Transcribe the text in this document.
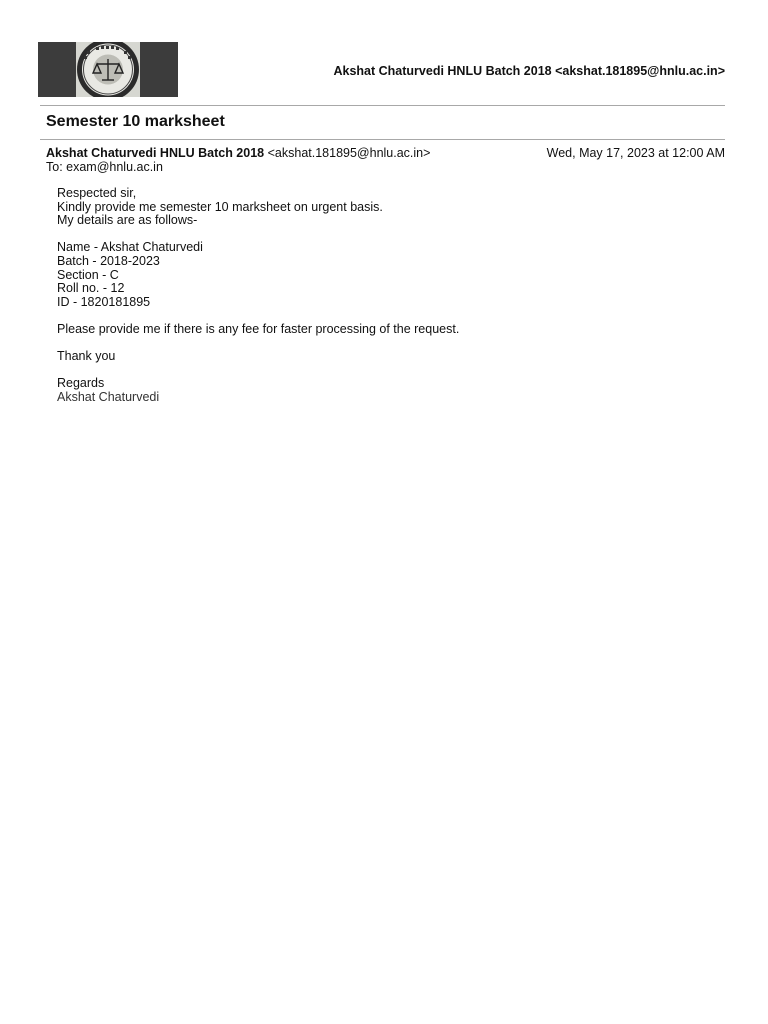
Akshat Chaturvedi HNLU Batch 2018 <akshat.181895@hnlu.ac.in>
Semester 10 marksheet
Akshat Chaturvedi HNLU Batch 2018 <akshat.181895@hnlu.ac.in>	Wed, May 17, 2023 at 12:00 AM
To: exam@hnlu.ac.in
Respected sir,
Kindly provide me semester 10 marksheet on urgent basis.
My details are as follows-
Name - Akshat Chaturvedi
Batch - 2018-2023
Section - C
Roll no. - 12
ID - 1820181895
Please provide me if there is any fee for faster processing of the request.
Thank you
Regards
Akshat Chaturvedi
